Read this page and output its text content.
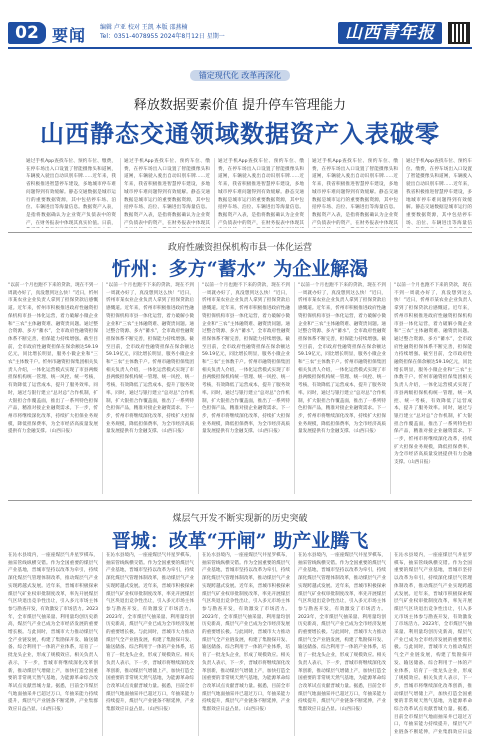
02 要闻 编辑 卢亚 校对 王凯 本版 邵燕楠
Tel：0351-4078955 2024年8月12日 星期一	山西青年报
锚定现代化 改革再深化
释放数据要素价值 提升停车管理能力
山西静态交通领域数据资产入表破零
通过手机App查找车位、预约车位、缴费，在停车场出入口设置了智能摄像头和道闸，车辆驶入驶出自动识别车牌……近年来，我省积极推进智慧停车建设，多地城市停车难问题得到有效缓解。静态交通数据是城市运行的重要数据资源，其中包括停车场、泊位、车辆进出等海量信息。数据资产入表，是指将数据确认为企业资产负债表中的资产，在财务报表中体现其真实价值。日前，
通过手机App查找车位、预约车位、缴费，在停车场出入口设置了智能摄像头和道闸，车辆驶入驶出自动识别车牌……近年来，我省积极推进智慧停车建设，多地城市停车难问题得到有效缓解。静态交通数据是城市运行的重要数据资源，其中包括停车场、泊位、车辆进出等海量信息。数据资产入表，是指将数据确认为企业资产负债表中的资产，在财务报表中体现其
通过手机App查找车位、预约车位、缴费，在停车场出入口设置了智能摄像头和道闸，车辆驶入驶出自动识别车牌……近年来，我省积极推进智慧停车建设，多地城市停车难问题得到有效缓解。静态交通数据是城市运行的重要数据资源，其中包括停车场、泊位、车辆进出等海量信息。数据资产入表，是指将数据确认为企业资产负债表中的资产，在财务报表中体现其
通过手机App查找车位、预约车位、缴费，在停车场出入口设置了智能摄像头和道闸，车辆驶入驶出自动识别车牌……近年来，我省积极推进智慧停车建设，多地城市停车难问题得到有效缓解。静态交通数据是城市运行的重要数据资源，其中包括停车场、泊位、车辆进出等海量信息。数据资产入表，是指将数据确认为企业资产负债表中的资产，在财务报表中体现其
通过手机App查找车位、预约车位、缴费，在停车场出入口设置了智能摄像头和道闸，车辆驶入驶出自动识别车牌……近年来，我省积极推进智慧停车建设，多地城市停车难问题得到有效缓解。静态交通数据是城市运行的重要数据资源，其中包括停车场、泊位、车辆进出等海量信
政府性融资担保机构市县一体化运营
忻州：多方“蓄水” 为企业解渴
“以前一个月也跑不下来的贷款，现在不到一周就办好了，真没想到这么快！”近日，忻州市某农业企业负责人拿到了担保贷款后感慨道。近年来，忻州市积极推进政府性融资担保机构市县一体化运营，着力破解小微企业和“三农”主体融资难、融资贵问题。通过整合资源、多方“蓄水”，全市政府性融资担保体系不断完善，担保能力持续增强。截至目前，全市政府性融资担保在保余额达59.19亿元，同比增长明显，服务小微企业和“三农”主体数千户。忻州市融资担保集团相关负责人介绍，一体化运营模式实现了市县两级担保机构统一管理、统一风控、统一考核，有效降低了运营成本，提升了服务效率。同时，通过与银行建立“总对总”合作机制，扩大银担合作覆盖面，推出了一系列特色担保产品，精准对接企业融资需求。下一步，忻州市将继续深化改革，持续扩大担保业务规模，降低担保费率，为全市经济高质量发展提供有力金融支撑。（山西日报）
“以前一个月也跑不下来的贷款，现在不到一周就办好了，真没想到这么快！”近日，忻州市某农业企业负责人拿到了担保贷款后感慨道。近年来，忻州市积极推进政府性融资担保机构市县一体化运营，着力破解小微企业和“三农”主体融资难、融资贵问题。通过整合资源、多方“蓄水”，全市政府性融资担保体系不断完善，担保能力持续增强。截至目前，全市政府性融资担保在保余额达59.19亿元，同比增长明显，服务小微企业和“三农”主体数千户。忻州市融资担保集团相关负责人介绍，一体化运营模式实现了市县两级担保机构统一管理、统一风控、统一考核，有效降低了运营成本，提升了服务效率。同时，通过与银行建立“总对总”合作机制，扩大银担合作覆盖面，推出了一系列特色担保产品，精准对接企业融资需求。下一步，忻州市将继续深化改革，持续扩大担保业务规模，降低担保费率，为全市经济高质量发展提供有力金融支撑。（山西日报）
“以前一个月也跑不下来的贷款，现在不到一周就办好了，真没想到这么快！”近日，忻州市某农业企业负责人拿到了担保贷款后感慨道。近年来，忻州市积极推进政府性融资担保机构市县一体化运营，着力破解小微企业和“三农”主体融资难、融资贵问题。通过整合资源、多方“蓄水”，全市政府性融资担保体系不断完善，担保能力持续增强。截至目前，全市政府性融资担保在保余额达59.19亿元，同比增长明显，服务小微企业和“三农”主体数千户。忻州市融资担保集团相关负责人介绍，一体化运营模式实现了市县两级担保机构统一管理、统一风控、统一考核，有效降低了运营成本，提升了服务效率。同时，通过与银行建立“总对总”合作机制，扩大银担合作覆盖面，推出了一系列特色担保产品，精准对接企业融资需求。下一步，忻州市将继续深化改革，持续扩大担保业务规模，降低担保费率，为全市经济高质量发展提供有力金融支撑。（山西日报）
“以前一个月也跑不下来的贷款，现在不到一周就办好了，真没想到这么快！”近日，忻州市某农业企业负责人拿到了担保贷款后感慨道。近年来，忻州市积极推进政府性融资担保机构市县一体化运营，着力破解小微企业和“三农”主体融资难、融资贵问题。通过整合资源、多方“蓄水”，全市政府性融资担保体系不断完善，担保能力持续增强。截至目前，全市政府性融资担保在保余额达59.19亿元，同比增长明显，服务小微企业和“三农”主体数千户。忻州市融资担保集团相关负责人介绍，一体化运营模式实现了市县两级担保机构统一管理、统一风控、统一考核，有效降低了运营成本，提升了服务效率。同时，通过与银行建立“总对总”合作机制，扩大银担合作覆盖面，推出了一系列特色担保产品，精准对接企业融资需求。下一步，忻州市将继续深化改革，持续扩大担保业务规模，降低担保费率，为全市经济高质量发展提供有力金融支撑。（山西日报）
“以前一个月也跑不下来的贷款，现在不到一周就办好了，真没想到这么快！”近日，忻州市某农业企业负责人拿到了担保贷款后感慨道。近年来，忻州市积极推进政府性融资担保机构市县一体化运营，着力破解小微企业和“三农”主体融资难、融资贵问题。通过整合资源、多方“蓄水”，全市政府性融资担保体系不断完善，担保能力持续增强。截至目前，全市政府性融资担保在保余额达59.19亿元，同比增长明显，服务小微企业和“三农”主体数千户。忻州市融资担保集团相关负责人介绍，一体化运营模式实现了市县两级担保机构统一管理、统一风控、统一考核，有效降低了运营成本，提升了服务效率。同时，通过与银行建立“总对总”合作机制，扩大银担合作覆盖面，推出了一系列特色担保产品，精准对接企业融资需求。下一步，忻州市将继续深化改革，持续扩大担保业务规模，降低担保费率，为全市经济高质量发展提供有力金融支撑。（山西日报）
煤层气开发不断实现新的历史突破
晋城：改革“开闸” 助产业腾飞
在沁水县境内，一座座煤层气井星罗棋布，抽采管线纵横交错。作为全国重要的煤层气产业基地，晋城市坚持以改革为牵引，持续深化煤层气管理体制改革，推动煤层气产业实现跨越式发展。近年来，晋城市积极探索煤层气矿业权审批制度改革，率先开展煤层气区块退出竞争性出让，引入多元市场主体参与勘查开发，有效激发了市场活力。2023年，全市煤层气抽采量、利用量均创历史新高，煤层气产业已成为全市经济发展的重要增长极。与此同时，晋城市大力推动煤层气全产业链发展，构建了集勘探开发、输送储备、综合利用于一体的产业体系，培育了一批龙头企业，形成了规模效应。相关负责人表示，下一步，晋城市将继续深化改革创新，推动煤层气增储上产，加快打造全国重要的非常规天然气基地，为能源革命综合改革试点贡献晋城力量。据悉，目前全市煤层气地面抽采井已超过万口，年抽采能力持续提升，煤层气产业链条不断延伸，产业集群效应日益凸显。（山西日报）
在沁水县境内，一座座煤层气井星罗棋布，抽采管线纵横交错。作为全国重要的煤层气产业基地，晋城市坚持以改革为牵引，持续深化煤层气管理体制改革，推动煤层气产业实现跨越式发展。近年来，晋城市积极探索煤层气矿业权审批制度改革，率先开展煤层气区块退出竞争性出让，引入多元市场主体参与勘查开发，有效激发了市场活力。2023年，全市煤层气抽采量、利用量均创历史新高，煤层气产业已成为全市经济发展的重要增长极。与此同时，晋城市大力推动煤层气全产业链发展，构建了集勘探开发、输送储备、综合利用于一体的产业体系，培育了一批龙头企业，形成了规模效应。相关负责人表示，下一步，晋城市将继续深化改革创新，推动煤层气增储上产，加快打造全国重要的非常规天然气基地，为能源革命综合改革试点贡献晋城力量。据悉，目前全市煤层气地面抽采井已超过万口，年抽采能力持续提升，煤层气产业链条不断延伸，产业集群效应日益凸显。（山西日报）
在沁水县境内，一座座煤层气井星罗棋布，抽采管线纵横交错。作为全国重要的煤层气产业基地，晋城市坚持以改革为牵引，持续深化煤层气管理体制改革，推动煤层气产业实现跨越式发展。近年来，晋城市积极探索煤层气矿业权审批制度改革，率先开展煤层气区块退出竞争性出让，引入多元市场主体参与勘查开发，有效激发了市场活力。2023年，全市煤层气抽采量、利用量均创历史新高，煤层气产业已成为全市经济发展的重要增长极。与此同时，晋城市大力推动煤层气全产业链发展，构建了集勘探开发、输送储备、综合利用于一体的产业体系，培育了一批龙头企业，形成了规模效应。相关负责人表示，下一步，晋城市将继续深化改革创新，推动煤层气增储上产，加快打造全国重要的非常规天然气基地，为能源革命综合改革试点贡献晋城力量。据悉，目前全市煤层气地面抽采井已超过万口，年抽采能力持续提升，煤层气产业链条不断延伸，产业集群效应日益凸显。（山西日报）
在沁水县境内，一座座煤层气井星罗棋布，抽采管线纵横交错。作为全国重要的煤层气产业基地，晋城市坚持以改革为牵引，持续深化煤层气管理体制改革，推动煤层气产业实现跨越式发展。近年来，晋城市积极探索煤层气矿业权审批制度改革，率先开展煤层气区块退出竞争性出让，引入多元市场主体参与勘查开发，有效激发了市场活力。2023年，全市煤层气抽采量、利用量均创历史新高，煤层气产业已成为全市经济发展的重要增长极。与此同时，晋城市大力推动煤层气全产业链发展，构建了集勘探开发、输送储备、综合利用于一体的产业体系，培育了一批龙头企业，形成了规模效应。相关负责人表示，下一步，晋城市将继续深化改革创新，推动煤层气增储上产，加快打造全国重要的非常规天然气基地，为能源革命综合改革试点贡献晋城力量。据悉，目前全市煤层气地面抽采井已超过万口，年抽采能力持续提升，煤层气产业链条不断延伸，产业集群效应日益凸显。（山西日报）
在沁水县境内，一座座煤层气井星罗棋布，抽采管线纵横交错。作为全国重要的煤层气产业基地，晋城市坚持以改革为牵引，持续深化煤层气管理体制改革，推动煤层气产业实现跨越式发展。近年来，晋城市积极探索煤层气矿业权审批制度改革，率先开展煤层气区块退出竞争性出让，引入多元市场主体参与勘查开发，有效激发了市场活力。2023年，全市煤层气抽采量、利用量均创历史新高，煤层气产业已成为全市经济发展的重要增长极。与此同时，晋城市大力推动煤层气全产业链发展，构建了集勘探开发、输送储备、综合利用于一体的产业体系，培育了一批龙头企业，形成了规模效应。相关负责人表示，下一步，晋城市将继续深化改革创新，推动煤层气增储上产，加快打造全国重要的非常规天然气基地，为能源革命综合改革试点贡献晋城力量。据悉，目前全市煤层气地面抽采井已超过万口，年抽采能力持续提升，煤层气产业链条不断延伸，产业集群效应日益
